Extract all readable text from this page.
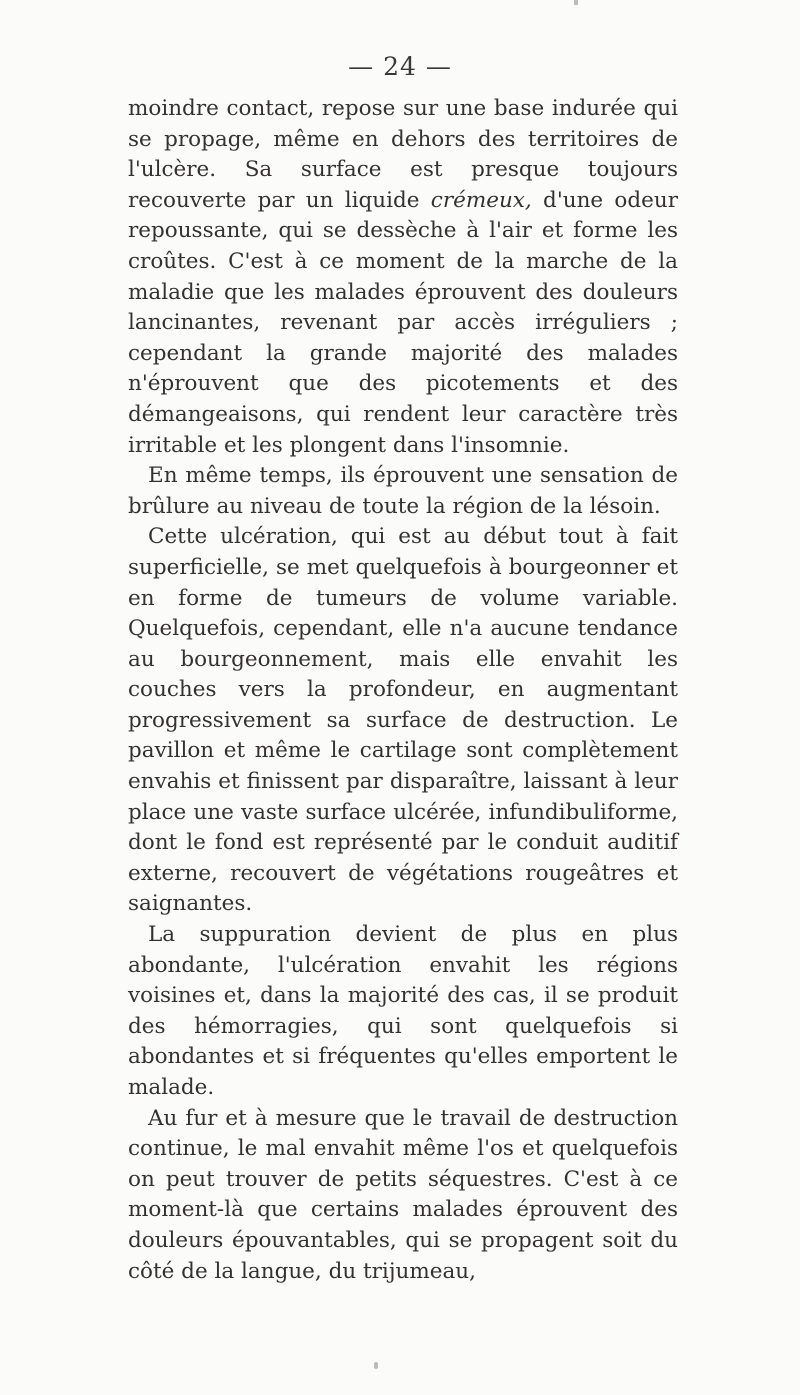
— 24 —

moindre contact, repose sur une base indurée qui se propage, même en dehors des territoires de l'ulcère. Sa surface est presque toujours recouverte par un liquide crémeux, d'une odeur repoussante, qui se dessèche à l'air et forme les croûtes. C'est à ce moment de la marche de la maladie que les malades éprouvent des douleurs lancinantes, revenant par accès irréguliers ; cependant la grande majorité des malades n'éprouvent que des picotements et des démangeaisons, qui rendent leur caractère très irritable et les plongent dans l'insomnie.

En même temps, ils éprouvent une sensation de brûlure au niveau de toute la région de la lésoin.

Cette ulcération, qui est au début tout à fait superficielle, se met quelquefois à bourgeonner et en forme de tumeurs de volume variable. Quelquefois, cependant, elle n'a aucune tendance au bourgeonnement, mais elle envahit les couches vers la profondeur, en augmentant progressivement sa surface de destruction. Le pavillon et même le cartilage sont complètement envahis et finissent par disparaître, laissant à leur place une vaste surface ulcérée, infundibuliforme, dont le fond est représenté par le conduit auditif externe, recouvert de végétations rougeâtres et saignantes.

La suppuration devient de plus en plus abondante, l'ulcération envahit les régions voisines et, dans la majorité des cas, il se produit des hémorragies, qui sont quelquefois si abondantes et si fréquentes qu'elles emportent le malade.

Au fur et à mesure que le travail de destruction continue, le mal envahit même l'os et quelquefois on peut trouver de petits séquestres. C'est à ce moment-là que certains malades éprouvent des douleurs épouvantables, qui se propagent soit du côté de la langue, du trijumeau,
